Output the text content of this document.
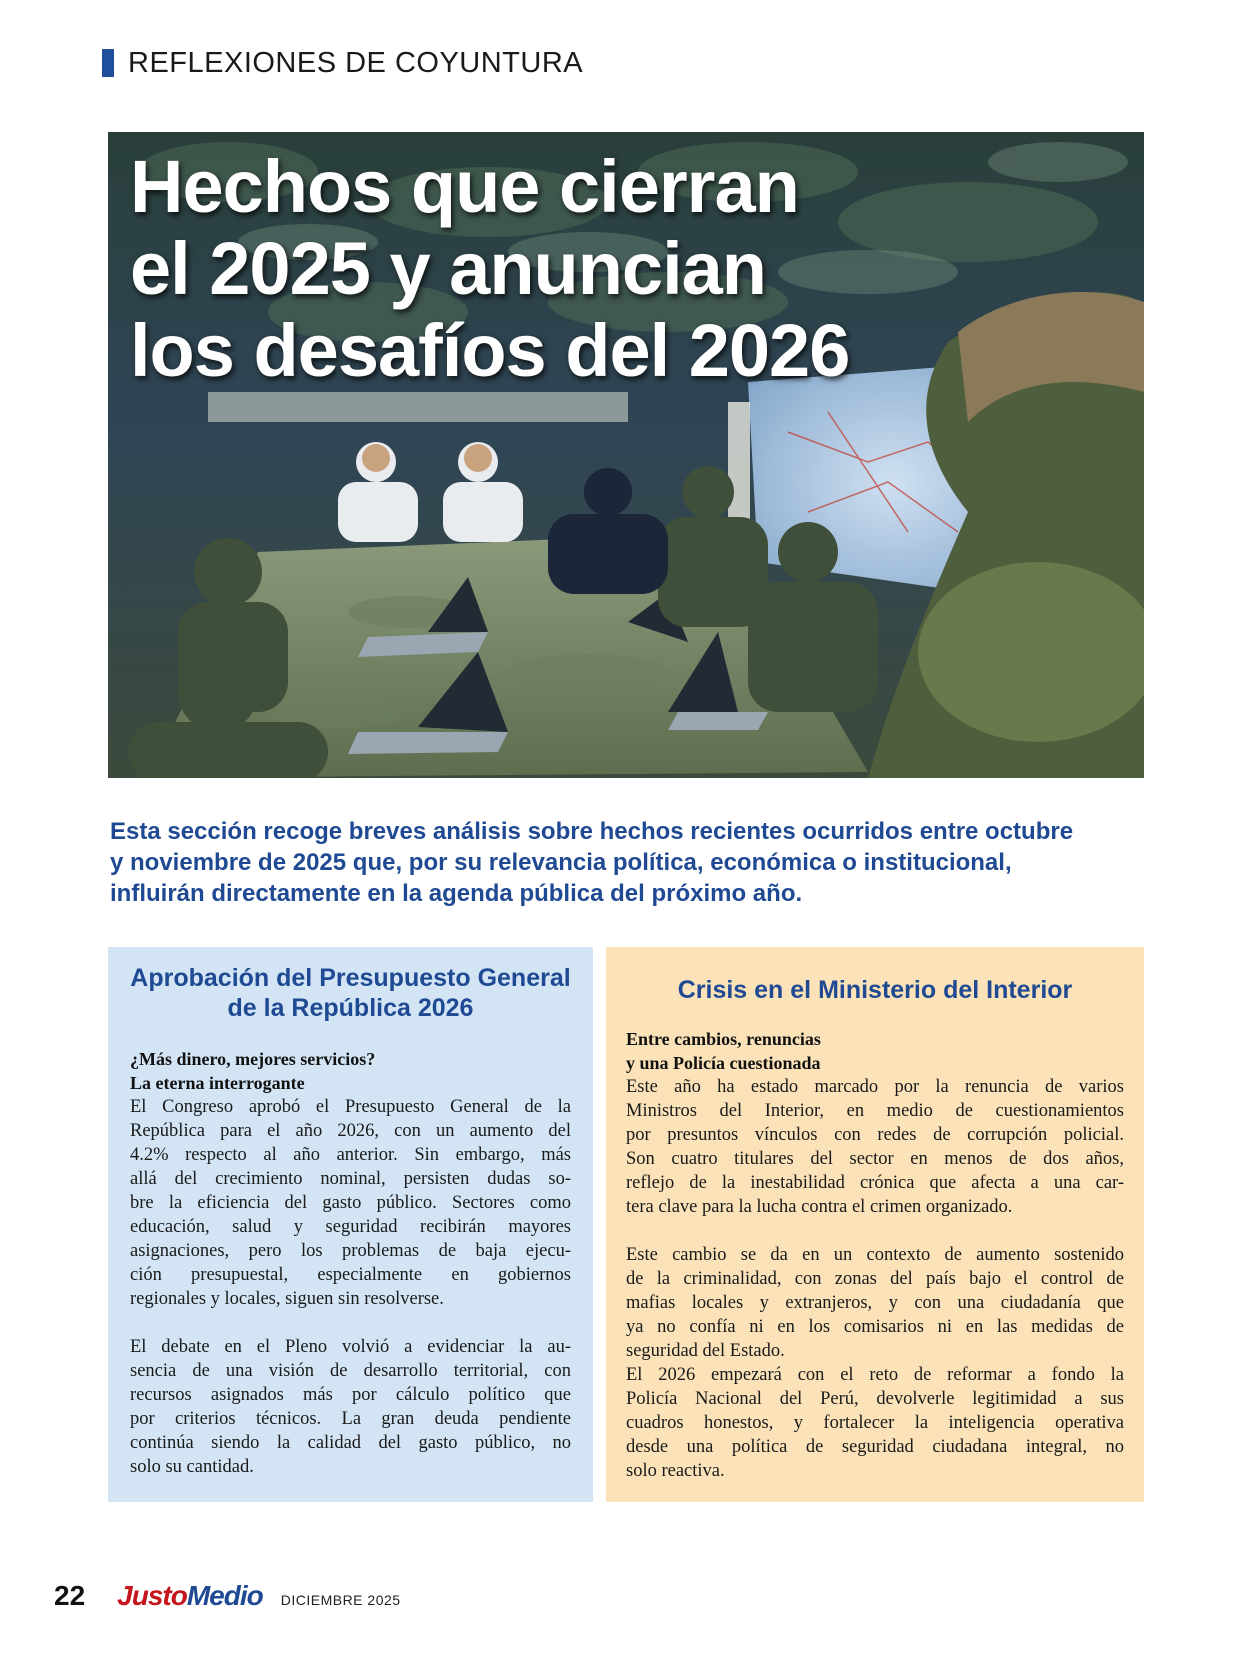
REFLEXIONES DE COYUNTURA
Hechos que cierran
el 2025 y anuncian
los desafíos del 2026

Esta sección recoge breves análisis sobre hechos recientes ocurridos entre octubre
y noviembre de 2025 que, por su relevancia política, económica o institucional,
influirán directamente en la agenda pública del próximo año.

Aprobación del Presupuesto General
de la República 2026

¿Más dinero, mejores servicios?
La eterna interrogante

El Congreso aprobó el Presupuesto General de la
República para el año 2026, con un aumento del
4.2% respecto al año anterior. Sin embargo, más
allá del crecimiento nominal, persisten dudas so-
bre la eficiencia del gasto público. Sectores como
educación, salud y seguridad recibirán mayores
asignaciones, pero los problemas de baja ejecu-
ción presupuestal, especialmente en gobiernos
regionales y locales, siguen sin resolverse.

El debate en el Pleno volvió a evidenciar la au-
sencia de una visión de desarrollo territorial, con
recursos asignados más por cálculo político que
por criterios técnicos. La gran deuda pendiente
continúa siendo la calidad del gasto público, no
solo su cantidad.

Crisis en el Ministerio del Interior

Entre cambios, renuncias
y una Policía cuestionada

Este año ha estado marcado por la renuncia de varios
Ministros del Interior, en medio de cuestionamientos
por presuntos vínculos con redes de corrupción policial.
Son cuatro titulares del sector en menos de dos años,
reflejo de la inestabilidad crónica que afecta a una car-
tera clave para la lucha contra el crimen organizado.

Este cambio se da en un contexto de aumento sostenido
de la criminalidad, con zonas del país bajo el control de
mafias locales y extranjeros, y con una ciudadanía que
ya no confía ni en los comisarios ni en las medidas de
seguridad del Estado.

El 2026 empezará con el reto de reformar a fondo la
Policía Nacional del Perú, devolverle legitimidad a sus
cuadros honestos, y fortalecer la inteligencia operativa
desde una política de seguridad ciudadana integral, no
solo reactiva.

22 JustoMedio DICIEMBRE 2025
